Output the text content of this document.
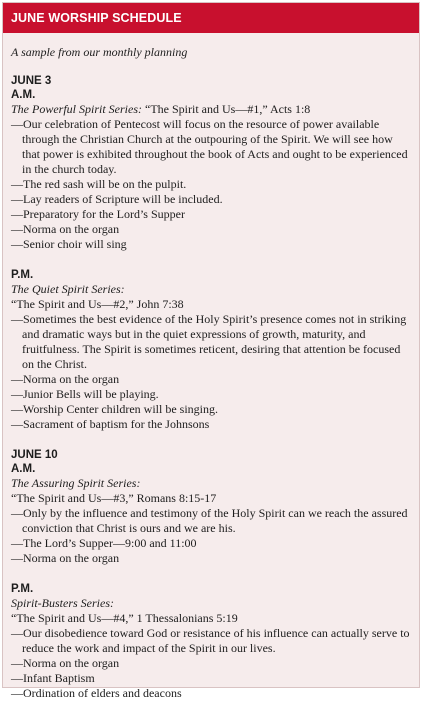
JUNE WORSHIP SCHEDULE
A sample from our monthly planning
JUNE 3
A.M.
The Powerful Spirit Series: “The Spirit and Us—#1,” Acts 1:8
—Our celebration of Pentecost will focus on the resource of power available through the Christian Church at the outpouring of the Spirit. We will see how that power is exhibited throughout the book of Acts and ought to be experienced in the church today.
—The red sash will be on the pulpit.
—Lay readers of Scripture will be included.
—Preparatory for the Lord’s Supper
—Norma on the organ
—Senior choir will sing
P.M.
The Quiet Spirit Series:
“The Spirit and Us—#2,” John 7:38
—Sometimes the best evidence of the Holy Spirit’s presence comes not in striking and dramatic ways but in the quiet expressions of growth, maturity, and fruitfulness. The Spirit is sometimes reticent, desiring that attention be focused on the Christ.
—Norma on the organ
—Junior Bells will be playing.
—Worship Center children will be singing.
—Sacrament of baptism for the Johnsons
JUNE 10
A.M.
The Assuring Spirit Series:
“The Spirit and Us—#3,” Romans 8:15-17
—Only by the influence and testimony of the Holy Spirit can we reach the assured conviction that Christ is ours and we are his.
—The Lord’s Supper—9:00 and 11:00
—Norma on the organ
P.M.
Spirit-Busters Series:
“The Spirit and Us—#4,” 1 Thessalonians 5:19
—Our disobedience toward God or resistance of his influence can actually serve to reduce the work and impact of the Spirit in our lives.
—Norma on the organ
—Infant Baptism
—Ordination of elders and deacons
